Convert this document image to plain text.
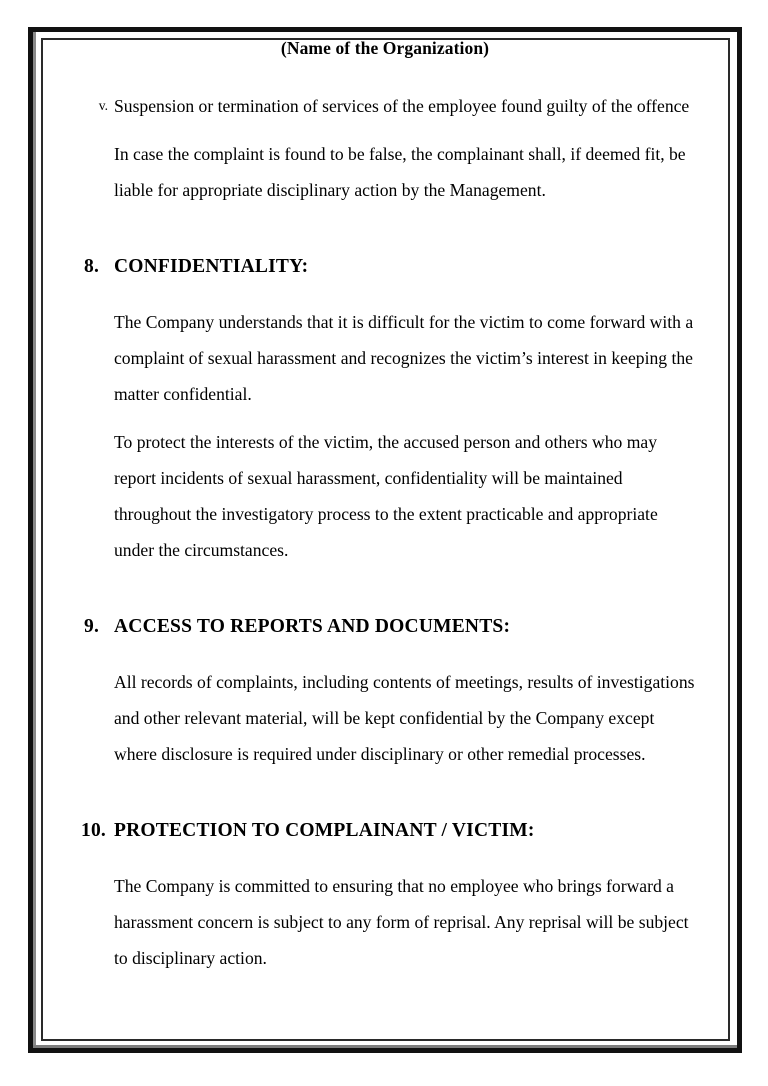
(Name of the Organization)
v. Suspension or termination of services of the employee found guilty of the offence
In case the complaint is found to be false, the complainant shall, if deemed fit, be liable for appropriate disciplinary action by the Management.
8. CONFIDENTIALITY:
The Company understands that it is difficult for the victim to come forward with a complaint of sexual harassment and recognizes the victim’s interest in keeping the matter confidential.
To protect the interests of the victim, the accused person and others who may report incidents of sexual harassment, confidentiality will be maintained throughout the investigatory process to the extent practicable and appropriate under the circumstances.
9. ACCESS TO REPORTS AND DOCUMENTS:
All records of complaints, including contents of meetings, results of investigations and other relevant material, will be kept confidential by the Company except where disclosure is required under disciplinary or other remedial processes.
10. PROTECTION TO COMPLAINANT / VICTIM:
The Company is committed to ensuring that no employee who brings forward a harassment concern is subject to any form of reprisal. Any reprisal will be subject to disciplinary action.
